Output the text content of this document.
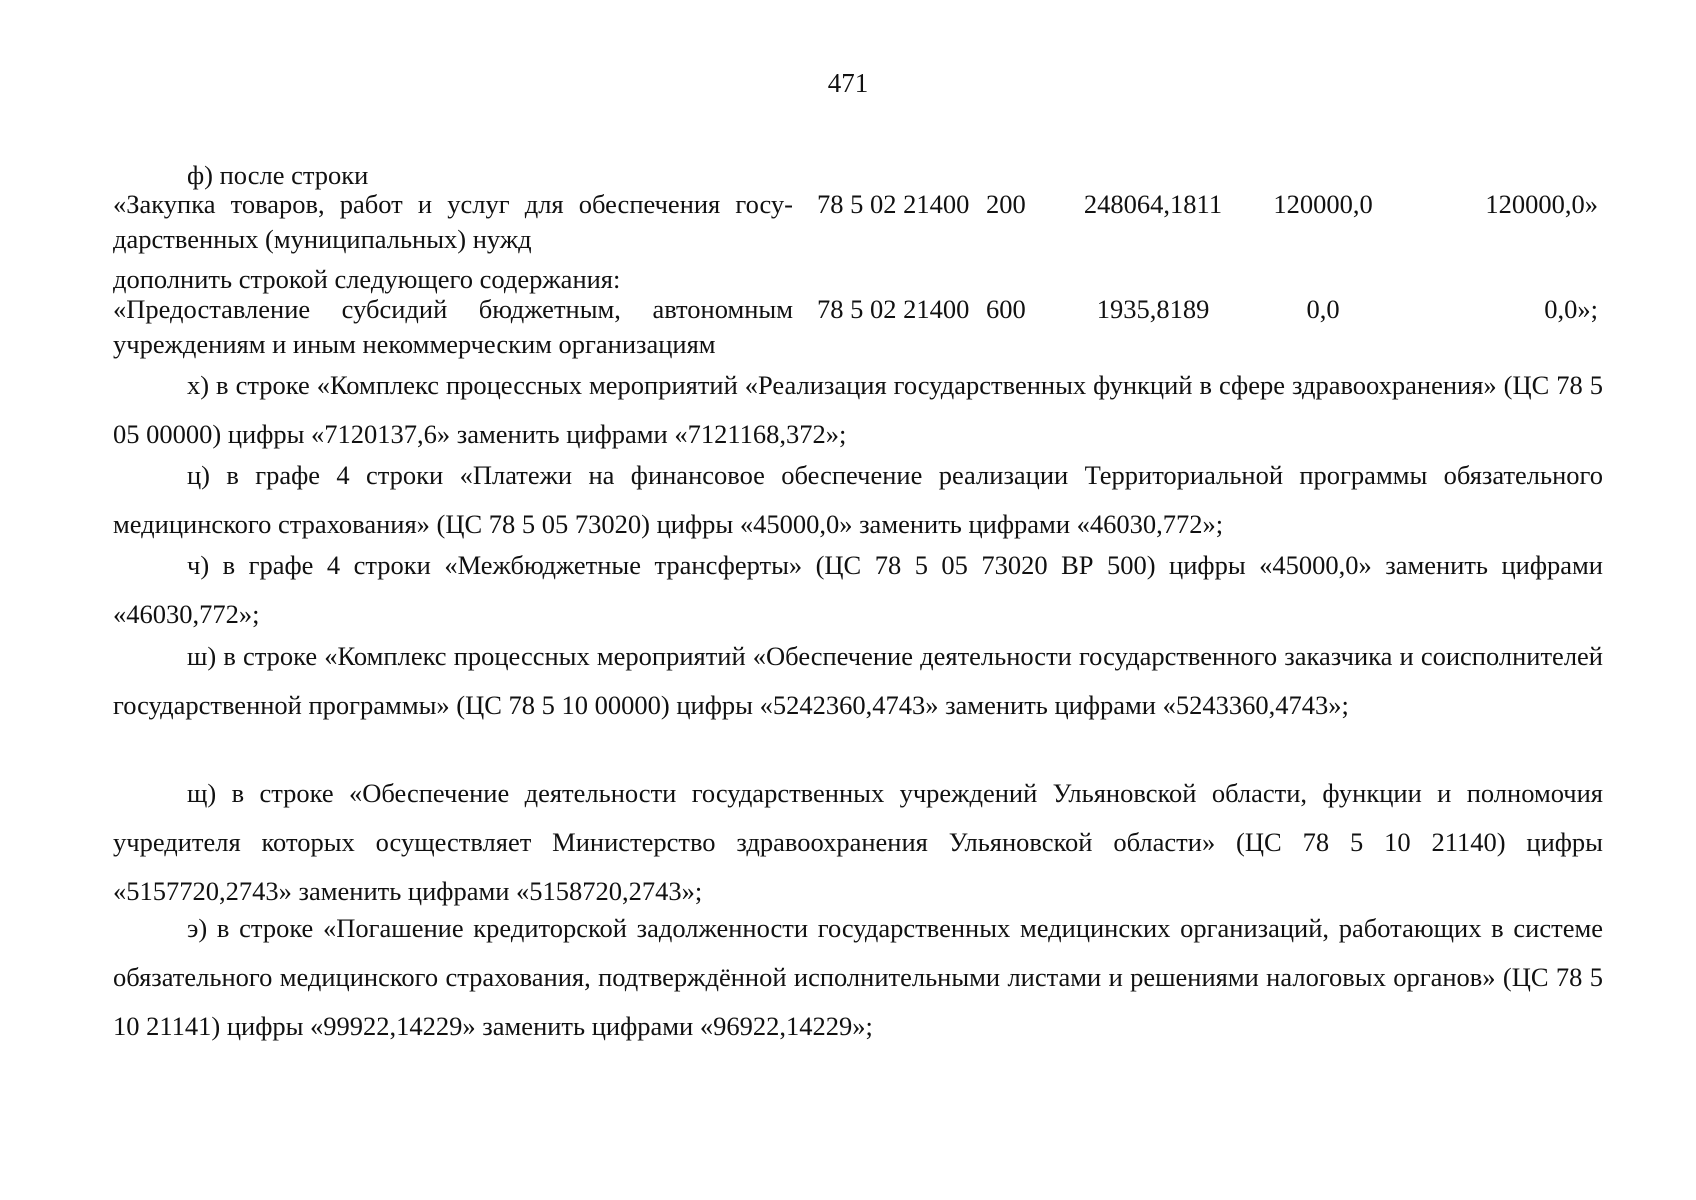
471
ф) после строки
«Закупка товаров, работ и услуг для обеспечения госу-дарственных (муниципальных) нужд
78 5 02 21400 200	248064,1811	120000,0	120000,0»
дополнить строкой следующего содержания:
«Предоставление субсидий бюджетным, автономным учреждениям и иным некоммерческим организациям
78 5 02 21400 600	1935,8189	0,0	0,0»;
х) в строке «Комплекс процессных мероприятий «Реализация государственных функций в сфере здравоохранения» (ЦС 78 5 05 00000) цифры «7120137,6» заменить цифрами «7121168,372»;
ц) в графе 4 строки «Платежи на финансовое обеспечение реализации Территориальной программы обязательного медицинского страхования» (ЦС 78 5 05 73020) цифры «45000,0» заменить цифрами «46030,772»;
ч) в графе 4 строки «Межбюджетные трансферты» (ЦС 78 5 05 73020 ВР 500) цифры «45000,0» заменить цифрами «46030,772»;
ш) в строке «Комплекс процессных мероприятий «Обеспечение деятельности государственного заказчика и соисполнителей государственной программы» (ЦС 78 5 10 00000) цифры «5242360,4743» заменить цифрами «5243360,4743»;
щ) в строке «Обеспечение деятельности государственных учреждений Ульяновской области, функции и полномочия учредителя которых осуществляет Министерство здравоохранения Ульяновской области» (ЦС 78 5 10 21140) цифры «5157720,2743» заменить цифрами «5158720,2743»;
э) в строке «Погашение кредиторской задолженности государственных медицинских организаций, работающих в системе обязательного медицинского страхования, подтверждённой исполнительными листами и решениями налоговых органов» (ЦС 78 5 10 21141) цифры «99922,14229» заменить цифрами «96922,14229»;
